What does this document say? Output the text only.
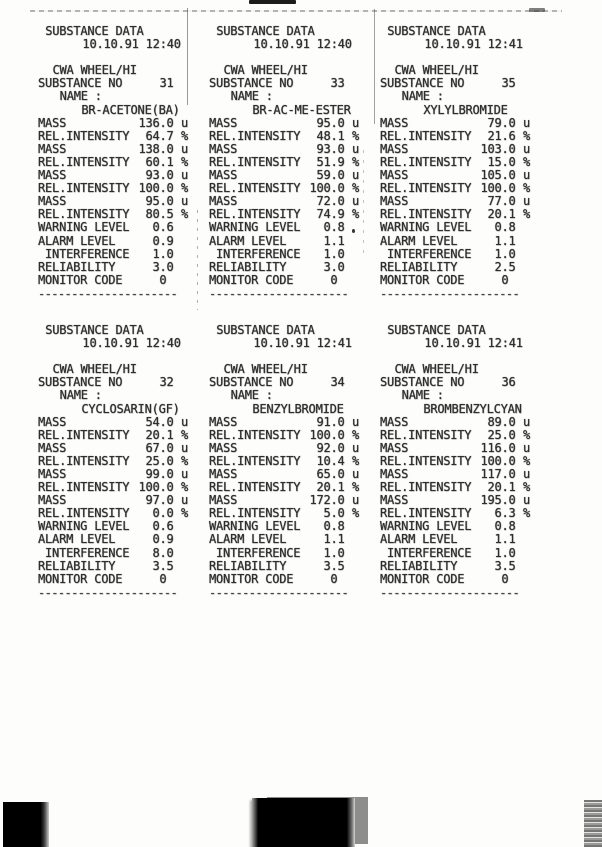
SUBSTANCE DATA
10.10.91 12:40
CWA WHEEL/HI
SUBSTANCE NO	31
NAME :
BR-ACETONE(BA)
MASS	136.0 u
REL.INTENSITY 64.7 %
MASS	138.0 u
REL.INTENSITY 60.1 %
MASS	93.0 u
REL.INTENSITY 100.0 %
MASS	95.0 u
REL.INTENSITY 80.5 %
WARNING LEVEL 0.6
ALARM LEVEL	0.9
INTERFERENCE 1.0
RELIABILITY	3.0
MONITOR CODE	0
---------------------
SUBSTANCE DATA
10.10.91 12:40
CWA WHEEL/HI
SUBSTANCE NO	33
NAME :
BR-AC-ME-ESTER
MASS	95.0 u
REL.INTENSITY 48.1 %
MASS	93.0 u
REL.INTENSITY 51.9 %
MASS	59.0 u
REL.INTENSITY 100.0 %
MASS	72.0 u
REL.INTENSITY 74.9 %
WARNING LEVEL 0.8
ALARM LEVEL	1.1
INTERFERENCE 1.0
RELIABILITY	3.0
MONITOR CODE	0
---------------------
SUBSTANCE DATA
10.10.91 12:41
CWA WHEEL/HI
SUBSTANCE NO	35
NAME :
XYLYLBROMIDE
MASS	79.0 u
REL.INTENSITY 21.6 %
MASS	103.0 u
REL.INTENSITY 15.0 %
MASS	105.0 u
REL.INTENSITY 100.0 %
MASS	77.0 u
REL.INTENSITY 20.1 %
WARNING LEVEL 0.8
ALARM LEVEL	1.1
INTERFERENCE 1.0
RELIABILITY	2.5
MONITOR CODE	0
---------------------
SUBSTANCE DATA
10.10.91 12:40
CWA WHEEL/HI
SUBSTANCE NO	32
NAME :
CYCLOSARIN(GF)
MASS	54.0 u
REL.INTENSITY 20.1 %
MASS	67.0 u
REL.INTENSITY 25.0 %
MASS	99.0 u
REL.INTENSITY 100.0 %
MASS	97.0 u
REL.INTENSITY 0.0 %
WARNING LEVEL 0.6
ALARM LEVEL	0.9
INTERFERENCE 8.0
RELIABILITY	3.5
MONITOR CODE	0
---------------------
SUBSTANCE DATA
10.10.91 12:41
CWA WHEEL/HI
SUBSTANCE NO	34
NAME :
BENZYLBROMIDE
MASS	91.0 u
REL.INTENSITY 100.0 %
MASS	92.0 u
REL.INTENSITY 10.4 %
MASS	65.0 u
REL.INTENSITY 20.1 %
MASS	172.0 u
REL.INTENSITY 5.0 %
WARNING LEVEL 0.8
ALARM LEVEL	1.1
INTERFERENCE 1.0
RELIABILITY	3.5
MONITOR CODE	0
---------------------
SUBSTANCE DATA
10.10.91 12:41
CWA WHEEL/HI
SUBSTANCE NO	36
NAME :
BROMBENZYLCYAN
MASS	89.0 u
REL.INTENSITY 25.0 %
MASS	116.0 u
REL.INTENSITY 100.0 %
MASS	117.0 u
REL.INTENSITY 20.1 %
MASS	195.0 u
REL.INTENSITY 6.3 %
WARNING LEVEL 0.8
ALARM LEVEL	1.1
INTERFERENCE 1.0
RELIABILITY	3.5
MONITOR CODE	0
---------------------
